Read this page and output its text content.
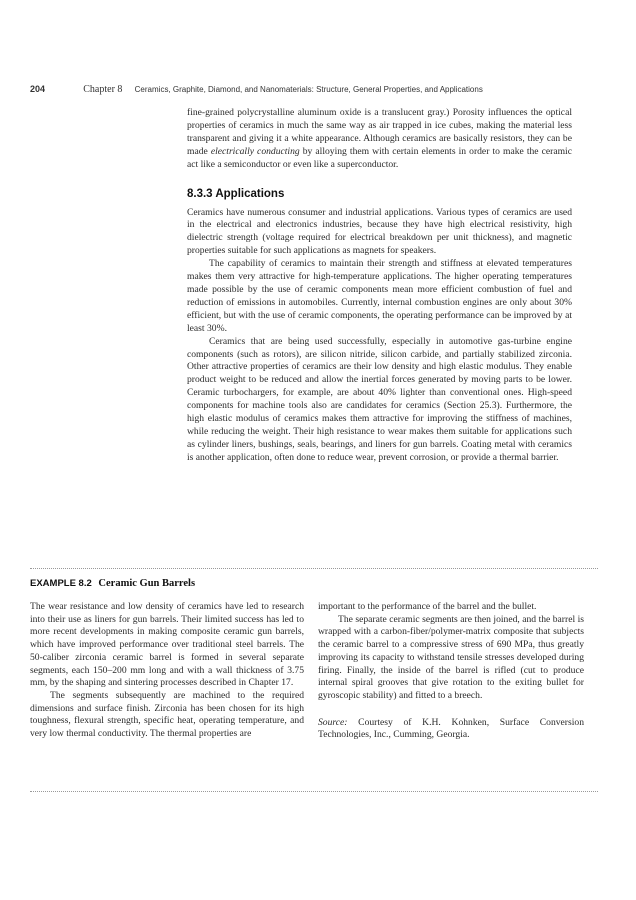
204	Chapter 8 Ceramics, Graphite, Diamond, and Nanomaterials: Structure, General Properties, and Applications

fine-grained polycrystalline aluminum oxide is a translucent gray.) Porosity influences the optical properties of ceramics in much the same way as air trapped in ice cubes, making the material less transparent and giving it a white appearance. Although ceramics are basically resistors, they can be made electrically conducting by alloying them with certain elements in order to make the ceramic act like a semiconductor or even like a superconductor.

8.3.3 Applications

Ceramics have numerous consumer and industrial applications. Various types of ceramics are used in the electrical and electronics industries, because they have high electrical resistivity, high dielectric strength (voltage required for electrical breakdown per unit thickness), and magnetic properties suitable for such applications as magnets for speakers.

The capability of ceramics to maintain their strength and stiffness at elevated temperatures makes them very attractive for high-temperature applications. The higher operating temperatures made possible by the use of ceramic components mean more efficient combustion of fuel and reduction of emissions in automobiles. Currently, internal combustion engines are only about 30% efficient, but with the use of ceramic components, the operating performance can be improved by at least 30%.

Ceramics that are being used successfully, especially in automotive gas-turbine engine components (such as rotors), are silicon nitride, silicon carbide, and partially stabilized zirconia. Other attractive properties of ceramics are their low density and high elastic modulus. They enable product weight to be reduced and allow the inertial forces generated by moving parts to be lower. Ceramic turbochargers, for example, are about 40% lighter than conventional ones. High-speed components for machine tools also are candidates for ceramics (Section 25.3). Furthermore, the high elastic modulus of ceramics makes them attractive for improving the stiffness of machines, while reducing the weight. Their high resistance to wear makes them suitable for applications such as cylinder liners, bushings, seals, bearings, and liners for gun barrels. Coating metal with ceramics is another application, often done to reduce wear, prevent corrosion, or provide a thermal barrier.

EXAMPLE 8.2 Ceramic Gun Barrels

The wear resistance and low density of ceramics have led to research into their use as liners for gun barrels. Their limited success has led to more recent developments in making composite ceramic gun barrels, which have improved performance over traditional steel barrels. The 50-caliber zirconia ceramic barrel is formed in several separate segments, each 150–200 mm long and with a wall thickness of 3.75 mm, by the shaping and sintering processes described in Chapter 17.

The segments subsequently are machined to the required dimensions and surface finish. Zirconia has been chosen for its high toughness, flexural strength, specific heat, operating temperature, and very low thermal conductivity. The thermal properties are

important to the performance of the barrel and the bullet.

The separate ceramic segments are then joined, and the barrel is wrapped with a carbon-fiber/polymer-matrix composite that subjects the ceramic barrel to a compressive stress of 690 MPa, thus greatly improving its capacity to withstand tensile stresses developed during firing. Finally, the inside of the barrel is rifled (cut to produce internal spiral grooves that give rotation to the exiting bullet for gyroscopic stability) and fitted to a breech.

Source: Courtesy of K.H. Kohnken, Surface Conversion Technologies, Inc., Cumming, Georgia.
